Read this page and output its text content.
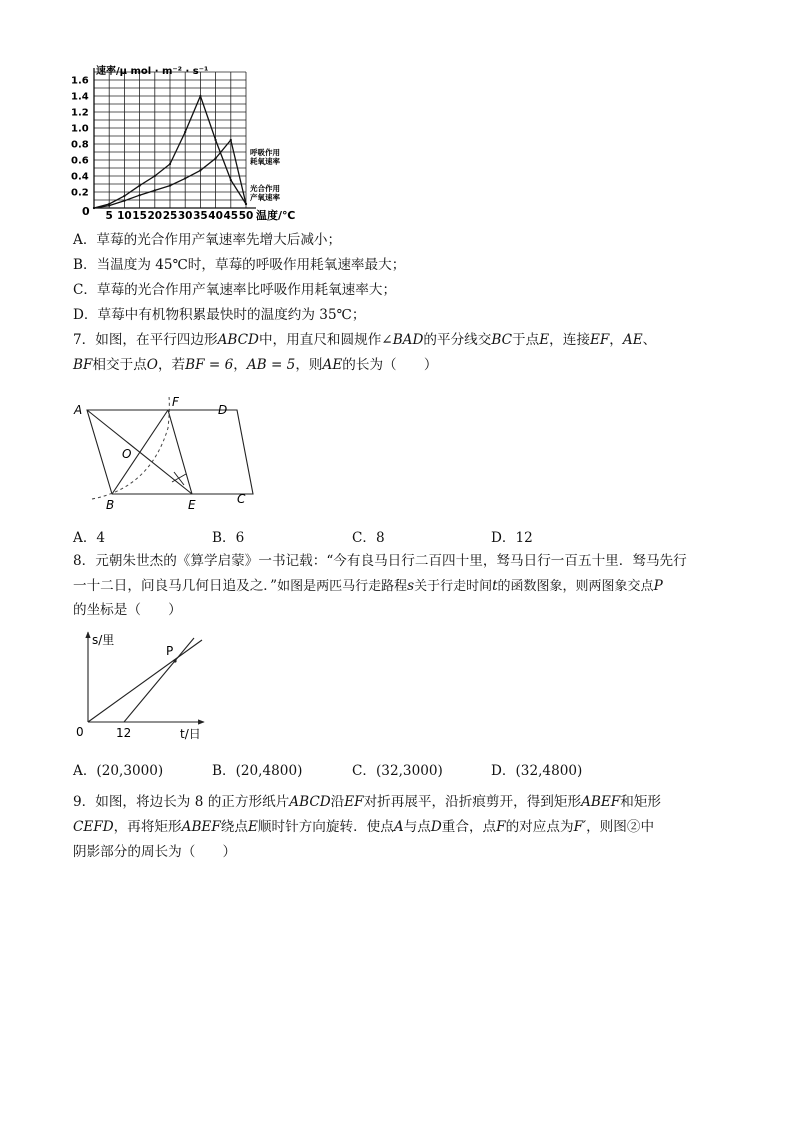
速率/μ mol · m⁻² · s⁻¹
温度/℃
0
1.6
1.4
1.2
1.0
0.8
0.6
0.4
0.2
5 10 15 20 25 30 35 40 45 50
呼吸作用
耗氧速率
光合作用
产氧速率
A．草莓的光合作用产氧速率先增大后减小；
B．当温度为 45℃时，草莓的呼吸作用耗氧速率最大；
C．草莓的光合作用产氧速率比呼吸作用耗氧速率大；
D．草莓中有机物积累最快时的温度约为 35℃；
7．如图，在平行四边形ABCD中，用直尺和圆规作∠BAD的平分线交BC于点E，连接EF，AE、
BF相交于点O，若BF = 6，AB = 5，则AE的长为（　　）
A
F
D
O
B	E	C
A．4	B．6	C．8	D．12
8．元朝朱世杰的《算学启蒙》一书记载：“今有良马日行二百四十里，驽马日行一百五十里．驽马先行
一十二日，问良马几何日追及之．”如图是两匹马行走路程s关于行走时间t的函数图象，则两图象交点P
的坐标是（　　）
s/里
t/日
0	12
P
A．(20,3000)	B．(20,4800)	C．(32,3000)	D．(32,4800)
9．如图，将边长为 8 的正方形纸片ABCD沿EF对折再展平，沿折痕剪开，得到矩形ABEF和矩形
CEFD，再将矩形ABEF绕点E顺时针方向旋转．使点A与点D重合，点F的对应点为F′，则图②中
阴影部分的周长为（　　）
